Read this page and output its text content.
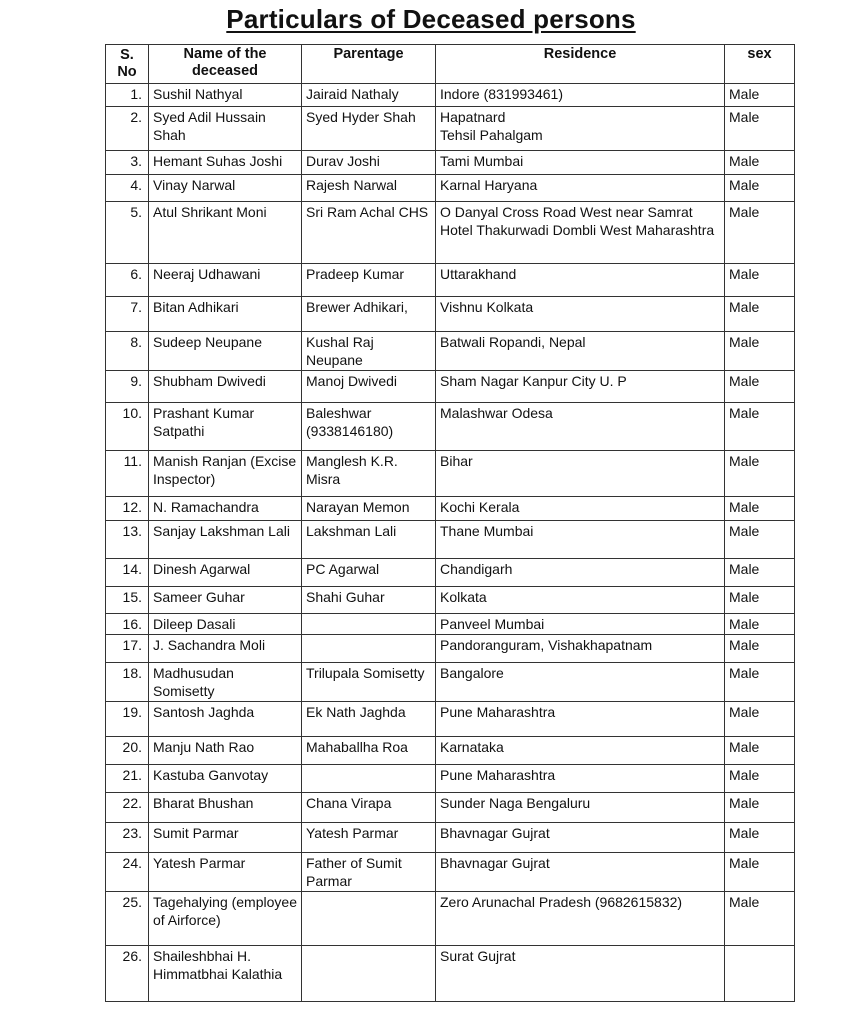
Particulars of Deceased persons
S.
No	Name of the
deceased	Parentage	Residence	sex
1.	Sushil Nathyal	Jairaid Nathaly	Indore (831993461)	Male
2.	Syed Adil Hussain Shah	Syed Hyder Shah	Hapatnard
Tehsil Pahalgam	Male
3.	Hemant Suhas Joshi	Durav Joshi	Tami Mumbai	Male
4.	Vinay Narwal	Rajesh Narwal	Karnal Haryana	Male
5.	Atul Shrikant Moni	Sri Ram Achal CHS	O Danyal Cross Road West near Samrat Hotel Thakurwadi Dombli West Maharashtra	Male
6.	Neeraj Udhawani	Pradeep Kumar	Uttarakhand	Male
7.	Bitan Adhikari	Brewer Adhikari,	Vishnu Kolkata	Male
8.	Sudeep Neupane	Kushal Raj Neupane	Batwali Ropandi, Nepal	Male
9.	Shubham Dwivedi	Manoj Dwivedi	Sham Nagar Kanpur City U. P	Male
10.	Prashant Kumar Satpathi	Baleshwar (9338146180)	Malashwar Odesa	Male
11.	Manish Ranjan (Excise Inspector)	Manglesh K.R. Misra	Bihar	Male
12.	N. Ramachandra	Narayan Memon	Kochi Kerala	Male
13.	Sanjay Lakshman Lali	Lakshman Lali	Thane Mumbai	Male
14.	Dinesh Agarwal	PC Agarwal	Chandigarh	Male
15.	Sameer Guhar	Shahi Guhar	Kolkata	Male
16.	Dileep Dasali		Panveel Mumbai	Male
17.	J. Sachandra Moli		Pandoranguram, Vishakhapatnam	Male
18.	Madhusudan Somisetty	Trilupala Somisetty	Bangalore	Male
19.	Santosh Jaghda	Ek Nath Jaghda	Pune Maharashtra	Male
20.	Manju Nath Rao	Mahaballha Roa	Karnataka	Male
21.	Kastuba Ganvotay		Pune Maharashtra	Male
22.	Bharat Bhushan	Chana Virapa	Sunder Naga Bengaluru	Male
23.	Sumit Parmar	Yatesh Parmar	Bhavnagar Gujrat	Male
24.	Yatesh Parmar	Father of Sumit Parmar	Bhavnagar Gujrat	Male
25.	Tagehalying (employee of Airforce)		Zero Arunachal Pradesh (9682615832)	Male
26.	Shaileshbhai H. Himmatbhai Kalathia		Surat Gujrat	
